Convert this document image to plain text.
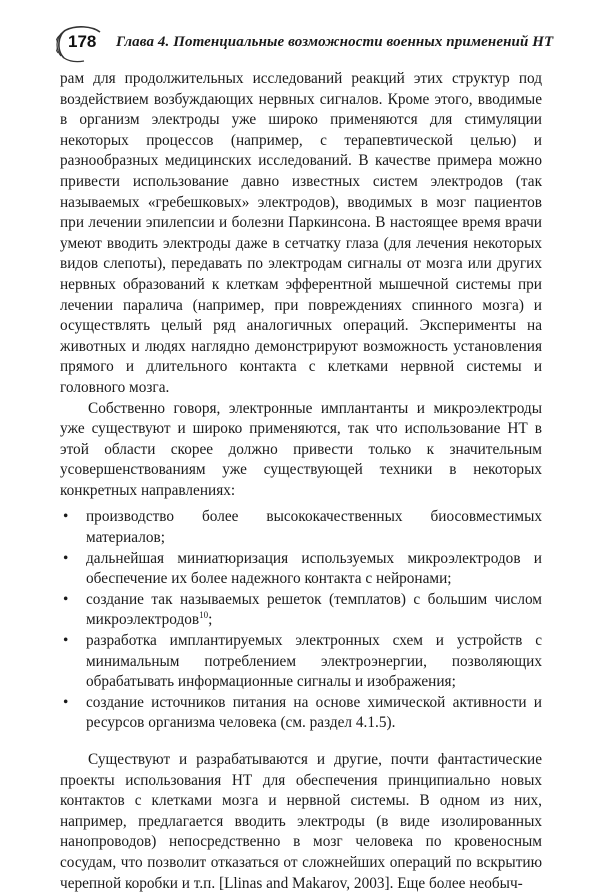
178 Глава 4. Потенциальные возможности военных применений НТ

рам для продолжительных исследований реакций этих структур под воздействием возбуждающих нервных сигналов. Кроме этого, вводимые в организм электроды уже широко применяются для стимуляции некоторых процессов (например, с терапевтической целью) и разнообразных медицинских исследований. В качестве примера можно привести использование давно известных систем электродов (так называемых «гребешковых» электродов), вводимых в мозг пациентов при лечении эпилепсии и болезни Паркинсона. В настоящее время врачи умеют вводить электроды даже в сетчатку глаза (для лечения некоторых видов слепоты), передавать по электродам сигналы от мозга или других нервных образований к клеткам эфферентной мышечной системы при лечении паралича (например, при повреждениях спинного мозга) и осуществлять целый ряд аналогичных операций. Эксперименты на животных и людях наглядно демонстрируют возможность установления прямого и длительного контакта с клетками нервной системы и головного мозга.

Собственно говоря, электронные имплантанты и микроэлектроды уже существуют и широко применяются, так что использование НТ в этой области скорее должно привести только к значительным усовершенствованиям уже существующей техники в некоторых конкретных направлениях:

• производство более высококачественных биосовместимых материалов;
• дальнейшая миниатюризация используемых микроэлектродов и обеспечение их более надежного контакта с нейронами;
• создание так называемых решеток (темплатов) с большим числом микроэлектродов$^{10}$;
• разработка имплантируемых электронных схем и устройств с минимальным потреблением электроэнергии, позволяющих обрабатывать информационные сигналы и изображения;
• создание источников питания на основе химической активности и ресурсов организма человека (см. раздел 4.1.5).

Существуют и разрабатываются и другие, почти фантастические проекты использования НТ для обеспечения принципиально новых контактов с клетками мозга и нервной системы. В одном из них, например, предлагается вводить электроды (в виде изолированных нанопроводов) непосредственно в мозг человека по кровеносным сосудам, что позволит отказаться от сложнейших операций по вскрытию черепной коробки и т.п. [Llinas and Makarov, 2003]. Еще более необыч-
